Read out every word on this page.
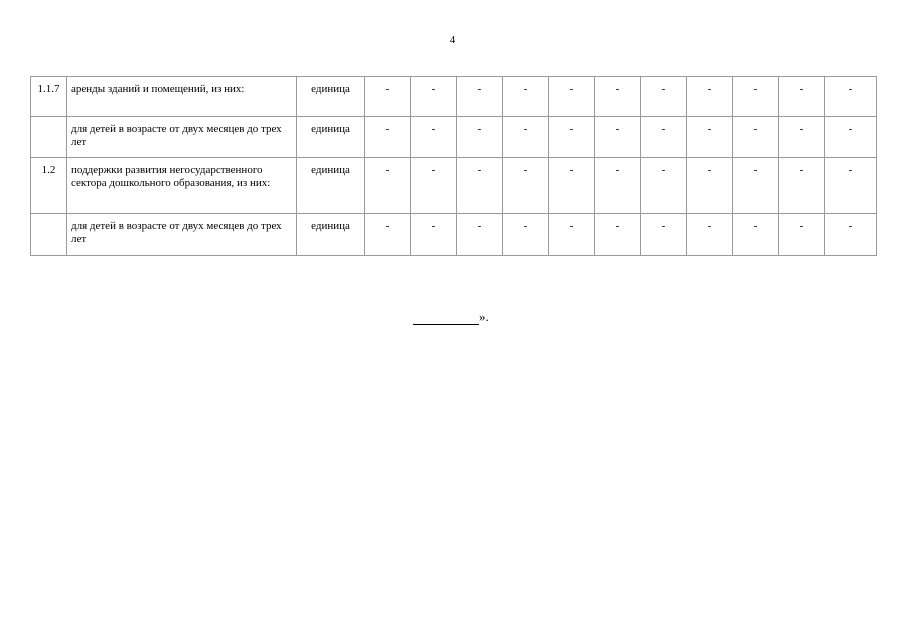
4
1.1.7	аренды зданий и помещений, из них:	единица	-	-	-	-	-	-	-	-	-	-	-
	для детей в возрасте от двух месяцев до трех лет	единица	-	-	-	-	-	-	-	-	-	-	-
1.2	поддержки развития негосударственного сектора дошкольного образования, из них:	единица	-	-	-	-	-	-	-	-	-	-	-
	для детей в возрасте от двух месяцев до трех лет	единица	-	-	-	-	-	-	-	-	-	-	-
».
